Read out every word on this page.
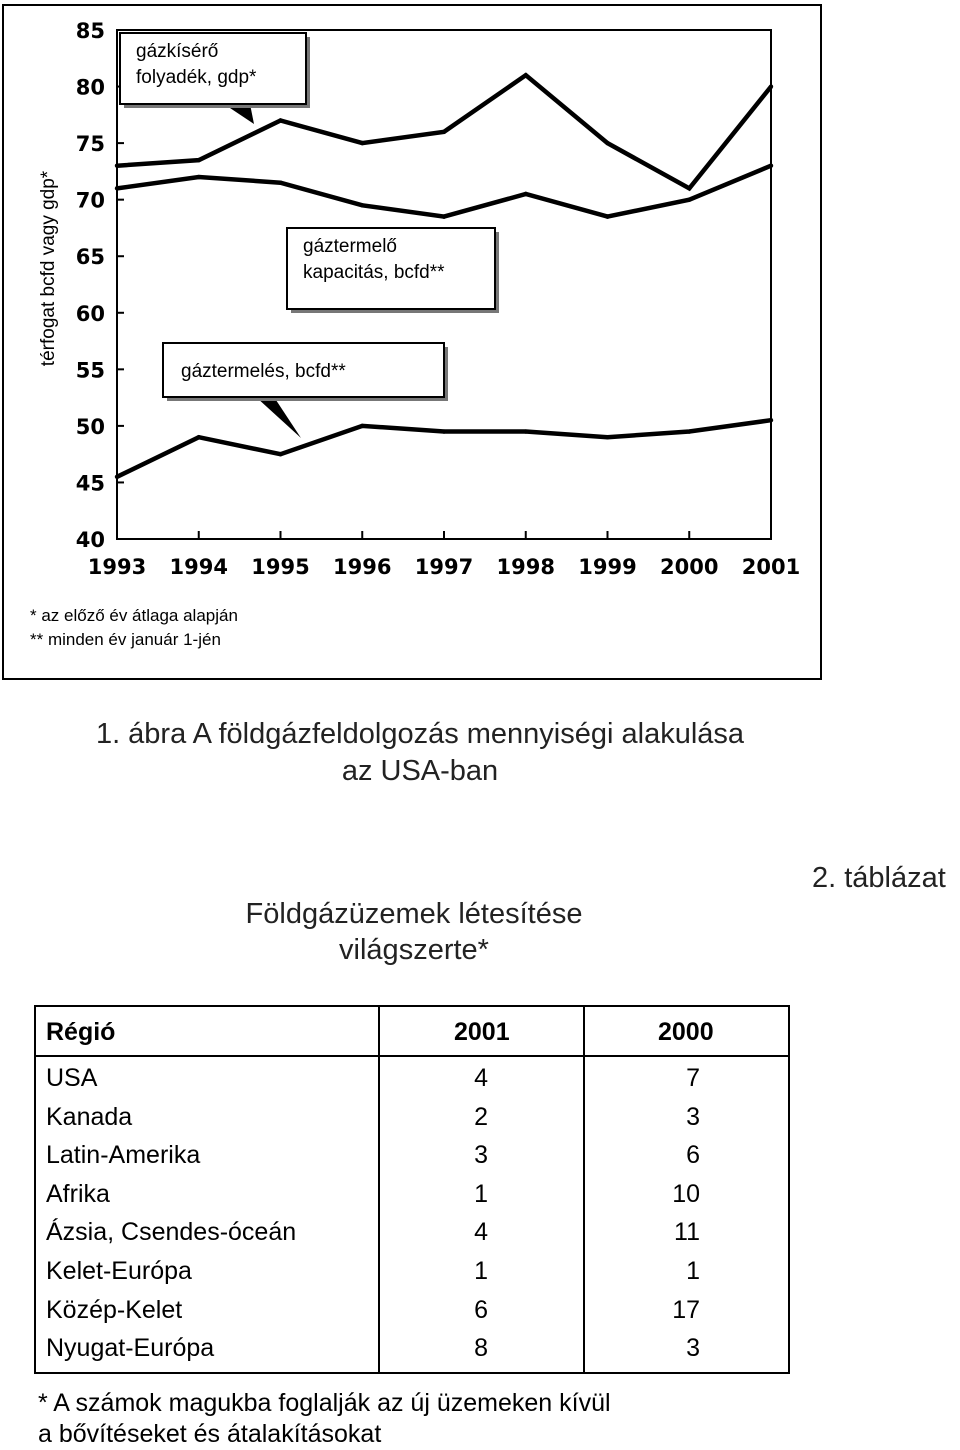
85
80
75
70
65
60
55
50
45
40
1993 1994 1995 1996 1997 1998 1999 2000 2001
térfogat bcfd vagy gdp*
gázkísérő
folyadék, gdp*
gáztermelő
kapacitás, bcfd**
gáztermelés, bcfd**
* az előző év átlaga alapján
** minden év január 1-jén
1. ábra A földgázfeldolgozás mennyiségi alakulása
az USA-ban
2. táblázat
Földgázüzemek létesítése
világszerte*
Régió	2001	2000
USA	4	7
Kanada	2	3
Latin-Amerika	3	6
Afrika	1	10
Ázsia, Csendes-óceán	4	11
Kelet-Európa	1	1
Közép-Kelet	6	17
Nyugat-Európa	8	3
* A számok magukba foglalják az új üzemeken kívül
a bővítéseket és átalakításokat
